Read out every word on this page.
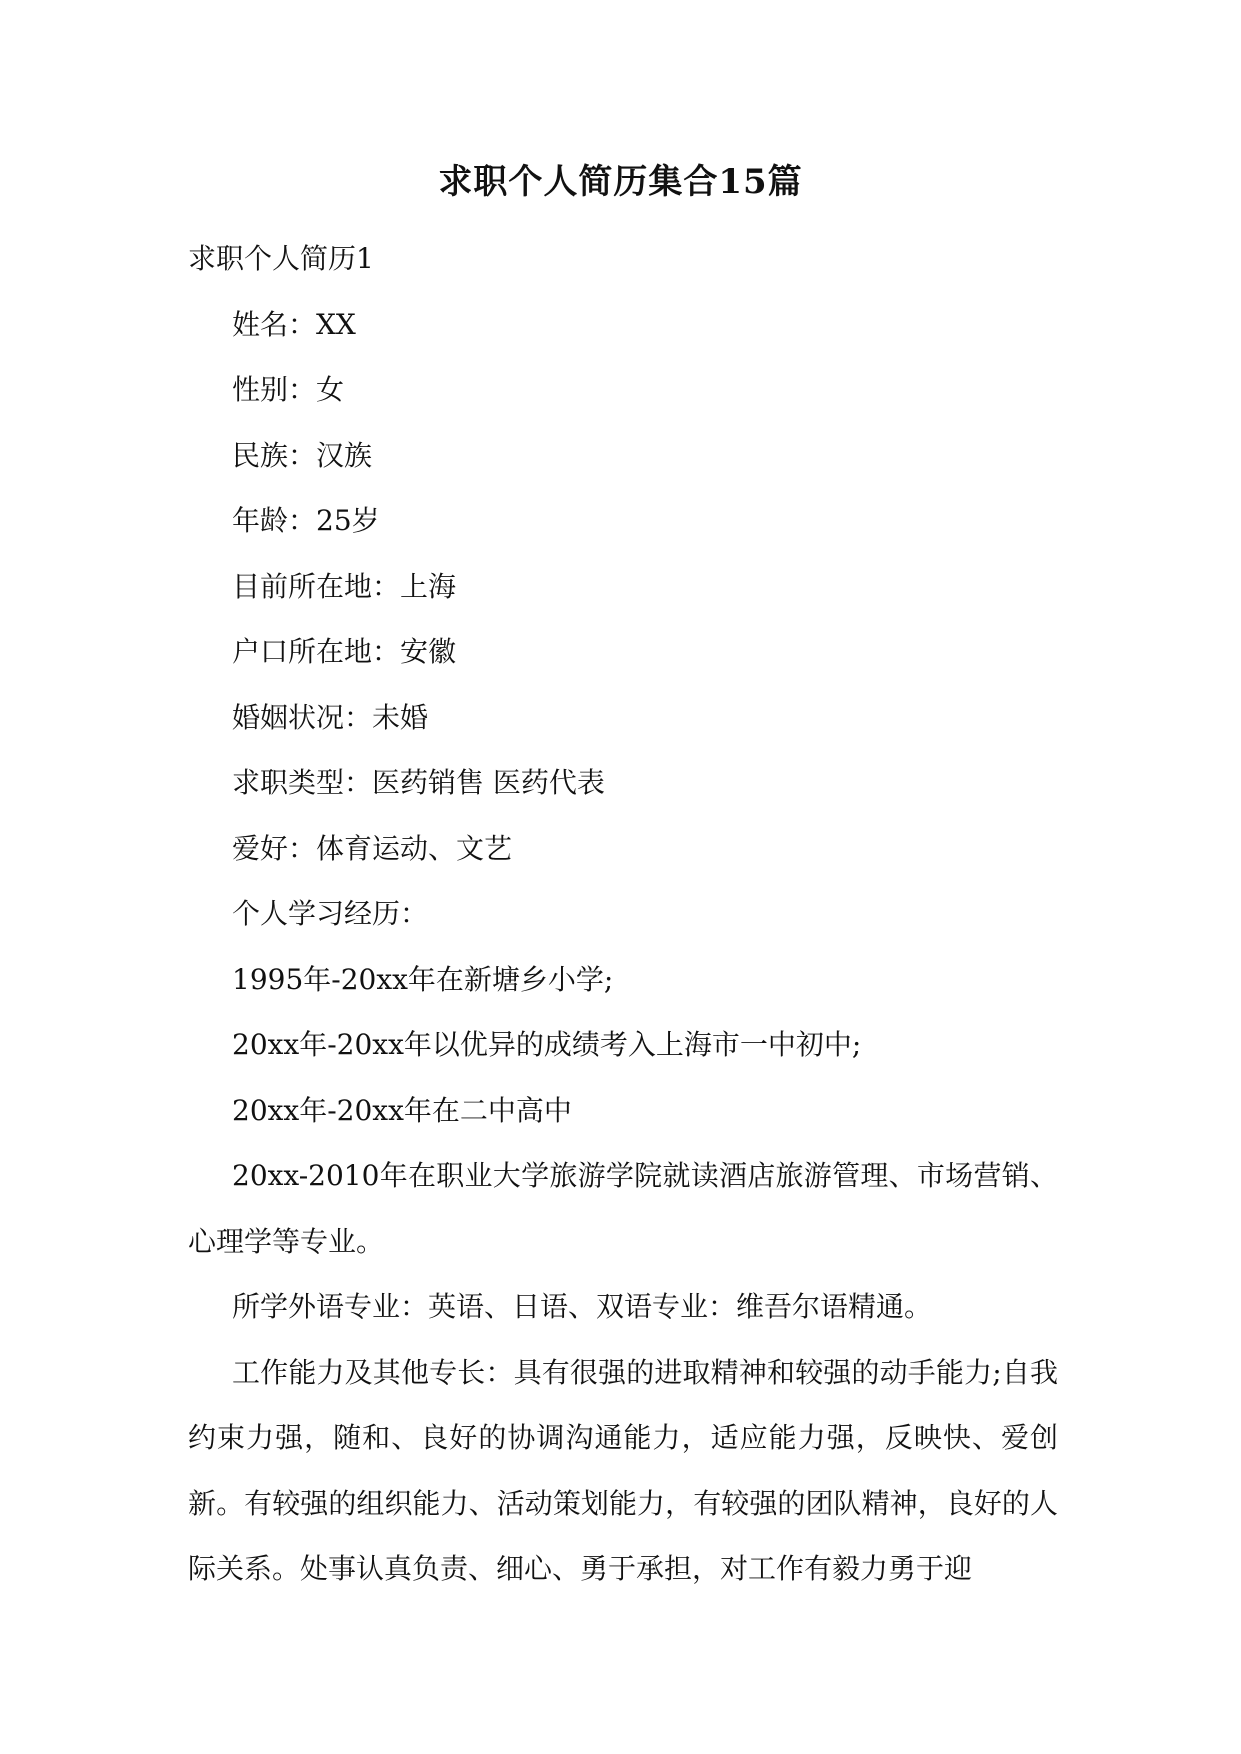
求职个人简历集合15篇

求职个人简历1

姓名：XX

性别：女

民族：汉族

年龄：25岁

目前所在地：上海

户口所在地：安徽

婚姻状况：未婚

求职类型：医药销售 医药代表

爱好：体育运动、文艺

个人学习经历：

1995年-20xx年在新塘乡小学;

20xx年-20xx年以优异的成绩考入上海市一中初中;

20xx年-20xx年在二中高中

20xx-2010年在职业大学旅游学院就读酒店旅游管理、市场营销、心理学等专业。

所学外语专业：英语、日语、双语专业：维吾尔语精通。

工作能力及其他专长：具有很强的进取精神和较强的动手能力;自我约束力强，随和、良好的协调沟通能力，适应能力强，反映快、爱创新。有较强的组织能力、活动策划能力，有较强的团队精神，良好的人际关系。处事认真负责、细心、勇于承担，对工作有毅力勇于迎
